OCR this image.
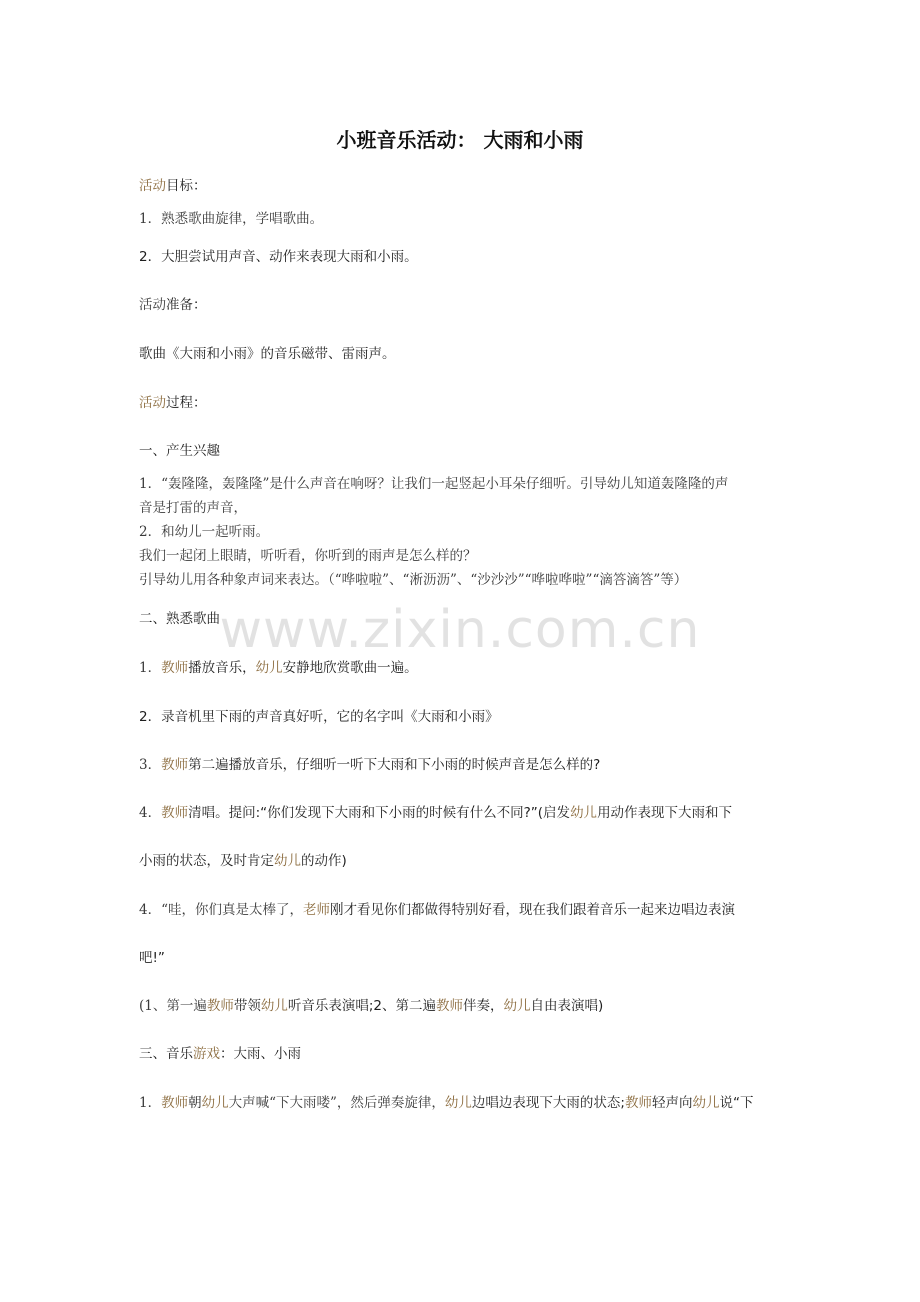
小班音乐活动： 大雨和小雨
活动目标：
1．熟悉歌曲旋律，学唱歌曲。
2．大胆尝试用声音、动作来表现大雨和小雨。
活动准备：
歌曲《大雨和小雨》的音乐磁带、雷雨声。
活动过程：
一、产生兴趣
1．“轰隆隆，轰隆隆”是什么声音在响呀？让我们一起竖起小耳朵仔细听。引导幼儿知道轰隆隆的声
音是打雷的声音，
2．和幼儿一起听雨。
我们一起闭上眼睛，听听看，你听到的雨声是怎么样的？
引导幼儿用各种象声词来表达。（“哗啦啦”、“淅沥沥”、“沙沙沙”“哗啦哗啦”“滴答滴答”等）
二、熟悉歌曲 www.zixin.com.cn
1．教师播放音乐，幼儿安静地欣赏歌曲一遍。
2．录音机里下雨的声音真好听，它的名字叫《大雨和小雨》
3．教师第二遍播放音乐，仔细听一听下大雨和下小雨的时候声音是怎么样的?
4．教师清唱。提问:“你们发现下大雨和下小雨的时候有什么不同?”(启发幼儿用动作表现下大雨和下
小雨的状态，及时肯定幼儿的动作)
4．“哇，你们真是太棒了，老师刚才看见你们都做得特别好看，现在我们跟着音乐一起来边唱边表演
吧!”
(1、第一遍教师带领幼儿听音乐表演唱;2、第二遍教师伴奏，幼儿自由表演唱)
三、音乐游戏：大雨、小雨
1．教师朝幼儿大声喊“下大雨喽”，然后弹奏旋律，幼儿边唱边表现下大雨的状态;教师轻声向幼儿说“下
